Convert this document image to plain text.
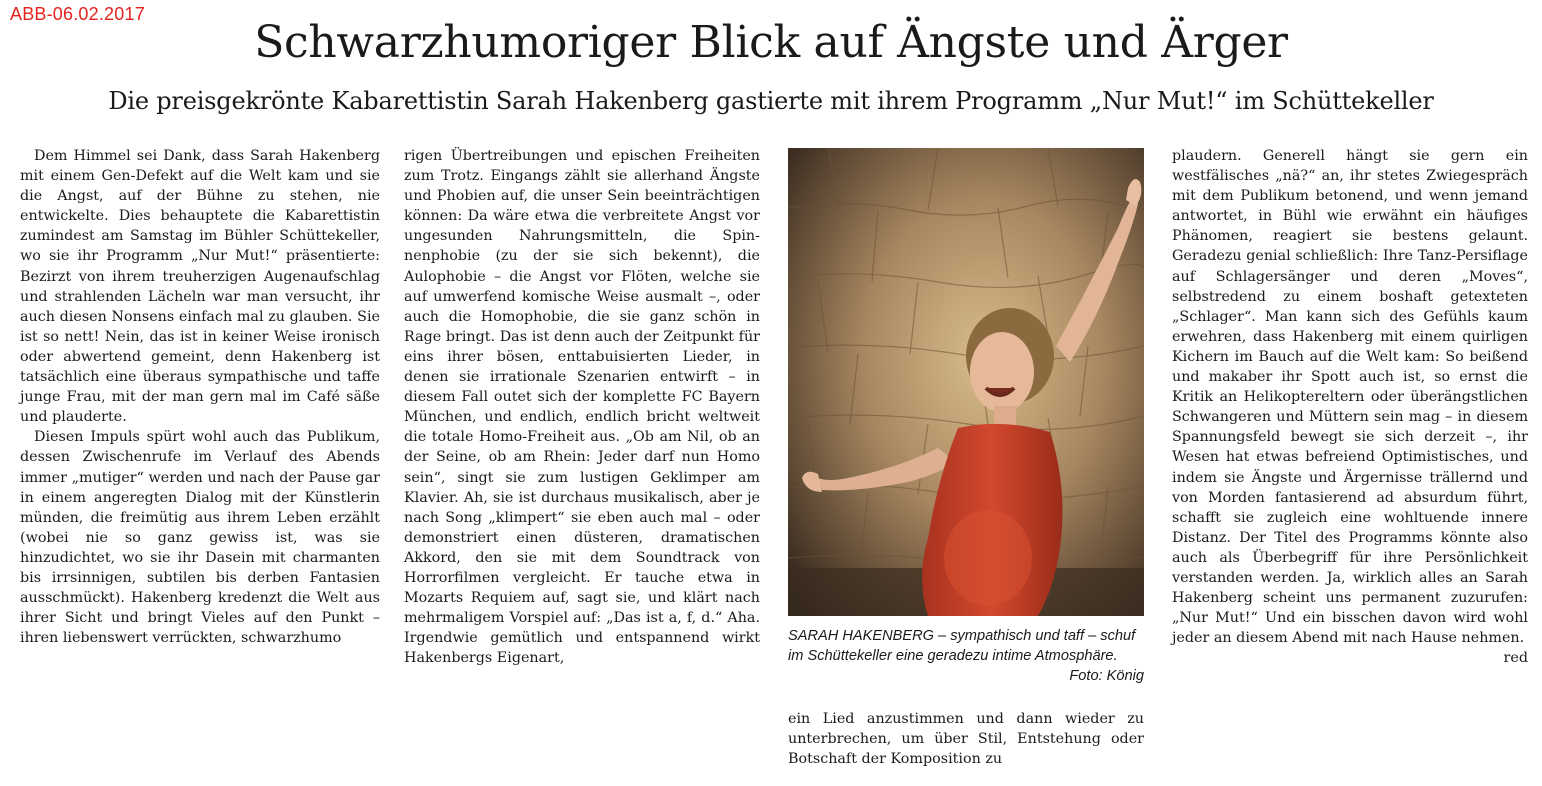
ABB-06.02.2017
Schwarzhumoriger Blick auf Ängste und Ärger
Die preisgekrönte Kabarettistin Sarah Hakenberg gastierte mit ihrem Programm „Nur Mut!“ im Schüttekeller

Dem Himmel sei Dank, dass Sarah Hakenberg mit einem Gen-Defekt auf die Welt kam und sie die Angst, auf der Bühne zu stehen, nie entwickelte. Dies behauptete die Kabarettistin zumindest am Samstag im Bühler Schüttekeller, wo sie ihr Programm „Nur Mut!“ präsentierte: Bezirzt von ihrem treuherzigen Augenaufschlag und strahlenden Lächeln war man versucht, ihr auch diesen Nonsens einfach mal zu glauben. Sie ist so nett! Nein, das ist in keiner Weise ironisch oder abwertend gemeint, denn Hakenberg ist tatsächlich eine überaus sympathische und taffe junge Frau, mit der man gern mal im Café säße und plauderte.

Diesen Impuls spürt wohl auch das Publikum, dessen Zwischenrufe im Verlauf des Abends immer „mutiger“ werden und nach der Pause gar in einem angeregten Dialog mit der Künstlerin münden, die freimütig aus ihrem Leben erzählt (wobei nie so ganz gewiss ist, was sie hinzudichtet, wo sie ihr Dasein mit charmanten bis irrsinnigen, subtilen bis derben Fantasien ausschmückt). Hakenberg kredenzt die Welt aus ihrer Sicht und bringt Vieles auf den Punkt – ihren liebenswert verrückten, schwarzhumo

rigen Übertreibungen und epischen Freiheiten zum Trotz. Eingangs zählt sie allerhand Ängste und Phobien auf, die unser Sein beeinträchtigen können: Da wäre etwa die verbreitete Angst vor ungesunden Nahrungsmitteln, die Spinnenphobie (zu der sie sich bekennt), die Aulophobie – die Angst vor Flöten, welche sie auf umwerfend komische Weise ausmalt –, oder auch die Homophobie, die sie ganz schön in Rage bringt. Das ist denn auch der Zeitpunkt für eins ihrer bösen, enttabuisierten Lieder, in denen sie irrationale Szenarien entwirft – in diesem Fall outet sich der komplette FC Bayern München, und endlich, endlich bricht weltweit die totale Homo-Freiheit aus. „Ob am Nil, ob an der Seine, ob am Rhein: Jeder darf nun Homo sein“, singt sie zum lustigen Geklimper am Klavier. Ah, sie ist durchaus musikalisch, aber je nach Song „klimpert“ sie eben auch mal – oder demonstriert einen düsteren, dramatischen Akkord, den sie mit dem Soundtrack von Horrorfilmen vergleicht. Er tauche etwa in Mozarts Requiem auf, sagt sie, und klärt nach mehrmaligem Vorspiel auf: „Das ist a, f, d.“ Aha. Irgendwie gemütlich und entspannend wirkt Hakenbergs Eigenart,

SARAH HAKENBERG – sympathisch und taff – schuf im Schüttekeller eine geradezu intime Atmosphäre.
Foto: König

ein Lied anzustimmen und dann wieder zu unterbrechen, um über Stil, Entstehung oder Botschaft der Komposition zu

plaudern. Generell hängt sie gern ein westfälisches „nä?“ an, ihr stetes Zwiegespräch mit dem Publikum betonend, und wenn jemand antwortet, in Bühl wie erwähnt ein häufiges Phänomen, reagiert sie bestens gelaunt. Geradezu genial schließlich: Ihre Tanz-Persiflage auf Schlagersänger und deren „Moves“, selbstredend zu einem boshaft getexteten „Schlager“. Man kann sich des Gefühls kaum erwehren, dass Hakenberg mit einem quirligen Kichern im Bauch auf die Welt kam: So beißend und makaber ihr Spott auch ist, so ernst die Kritik an Helikoptereltern oder überängstlichen Schwangeren und Müttern sein mag – in diesem Spannungsfeld bewegt sie sich derzeit –, ihr Wesen hat etwas befreiend Optimistisches, und indem sie Ängste und Ärgernisse trällernd und von Morden fantasierend ad absurdum führt, schafft sie zugleich eine wohltuende innere Distanz. Der Titel des Programms könnte also auch als Überbegriff für ihre Persönlichkeit verstanden werden. Ja, wirklich alles an Sarah Hakenberg scheint uns permanent zuzurufen: „Nur Mut!“ Und ein bisschen davon wird wohl jeder an diesem Abend mit nach Hause nehmen.
red
